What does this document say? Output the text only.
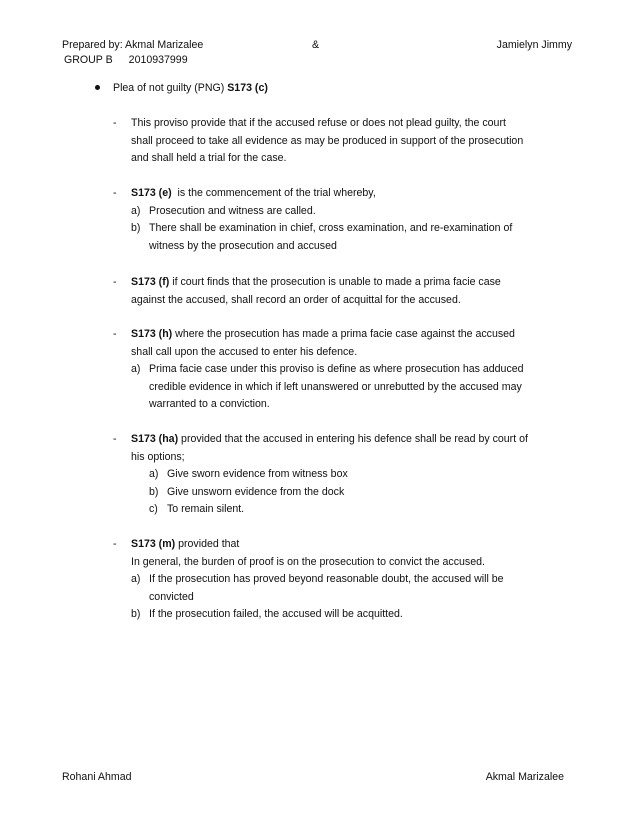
Prepared by: Akmal Marizalee	&	Jamielyn Jimmy
GROUP B 2010937999
Plea of not guilty (PNG) S173 (c)
- This proviso provide that if the accused refuse or does not plead guilty, the court
shall proceed to take all evidence as may be produced in support of the prosecution
and shall held a trial for the case.
- S173 (e)  is the commencement of the trial whereby,
a) Prosecution and witness are called.
b) There shall be examination in chief, cross examination, and re-examination of
witness by the prosecution and accused
- S173 (f) if court finds that the prosecution is unable to made a prima facie case
against the accused, shall record an order of acquittal for the accused.
- S173 (h) where the prosecution has made a prima facie case against the accused
shall call upon the accused to enter his defence.
a) Prima facie case under this proviso is define as where prosecution has adduced
credible evidence in which if left unanswered or unrebutted by the accused may
warranted to a conviction.
- S173 (ha) provided that the accused in entering his defence shall be read by court of
his options;
a) Give sworn evidence from witness box
b) Give unsworn evidence from the dock
c) To remain silent.
- S173 (m) provided that
In general, the burden of proof is on the prosecution to convict the accused.
a) If the prosecution has proved beyond reasonable doubt, the accused will be
convicted
b) If the prosecution failed, the accused will be acquitted.
Rohani Ahmad	Akmal Marizalee
